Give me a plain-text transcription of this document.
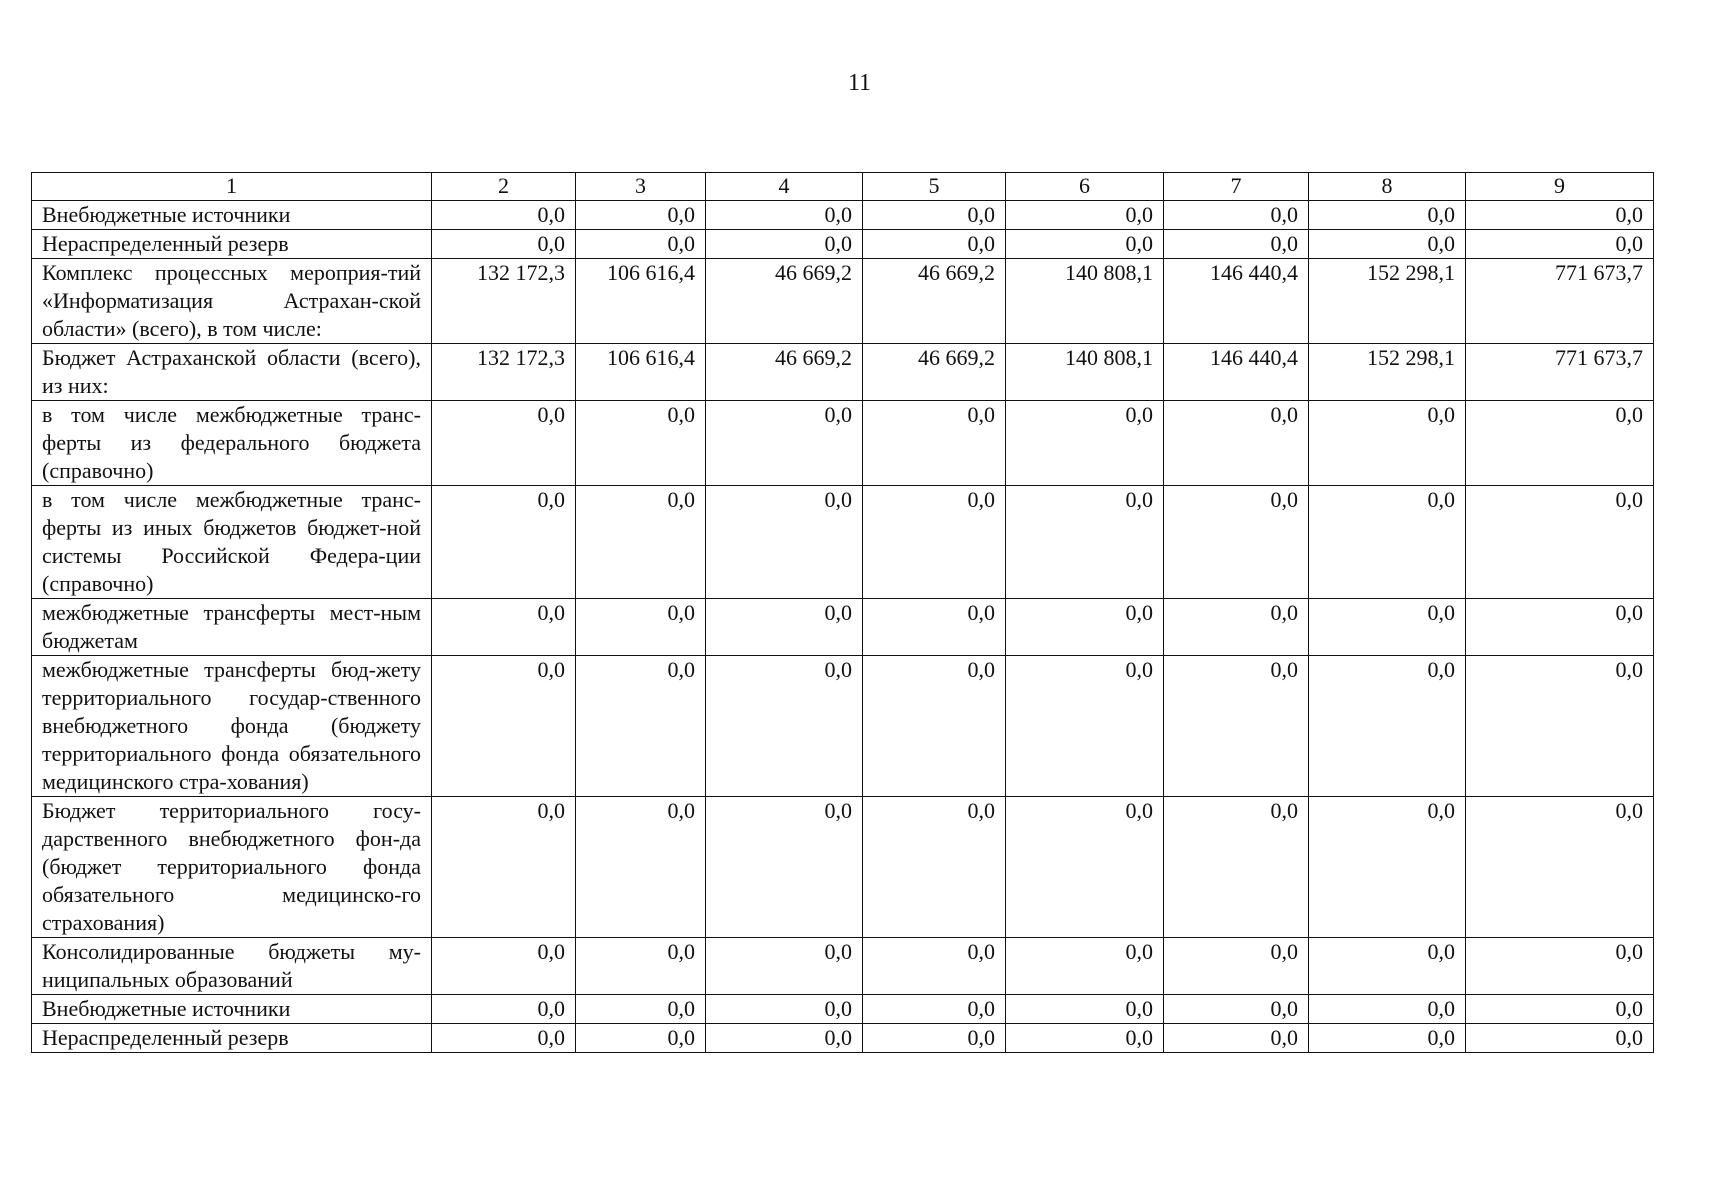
11
1	2	3	4	5	6	7	8	9
Внебюджетные источники	0,0	0,0	0,0	0,0	0,0	0,0	0,0	0,0
Нераспределенный резерв	0,0	0,0	0,0	0,0	0,0	0,0	0,0	0,0
Комплекс процессных мероприя-тий «Информатизация Астрахан-ской области» (всего), в том числе:	132 172,3	106 616,4	46 669,2	46 669,2	140 808,1	146 440,4	152 298,1	771 673,7
Бюджет Астраханской области (всего), из них:	132 172,3	106 616,4	46 669,2	46 669,2	140 808,1	146 440,4	152 298,1	771 673,7
в том числе межбюджетные транс-ферты из федерального бюджета (справочно)	0,0	0,0	0,0	0,0	0,0	0,0	0,0	0,0
в том числе межбюджетные транс-ферты из иных бюджетов бюджет-ной системы Российской Федера-ции (справочно)	0,0	0,0	0,0	0,0	0,0	0,0	0,0	0,0
межбюджетные трансферты мест-ным бюджетам	0,0	0,0	0,0	0,0	0,0	0,0	0,0	0,0
межбюджетные трансферты бюд-жету территориального государ-ственного внебюджетного фонда (бюджету территориального фонда обязательного медицинского стра-хования)	0,0	0,0	0,0	0,0	0,0	0,0	0,0	0,0
Бюджет территориального госу-дарственного внебюджетного фон-да (бюджет территориального фонда обязательного медицинско-го страхования)	0,0	0,0	0,0	0,0	0,0	0,0	0,0	0,0
Консолидированные бюджеты му-ниципальных образований	0,0	0,0	0,0	0,0	0,0	0,0	0,0	0,0
Внебюджетные источники	0,0	0,0	0,0	0,0	0,0	0,0	0,0	0,0
Нераспределенный резерв	0,0	0,0	0,0	0,0	0,0	0,0	0,0	0,0
